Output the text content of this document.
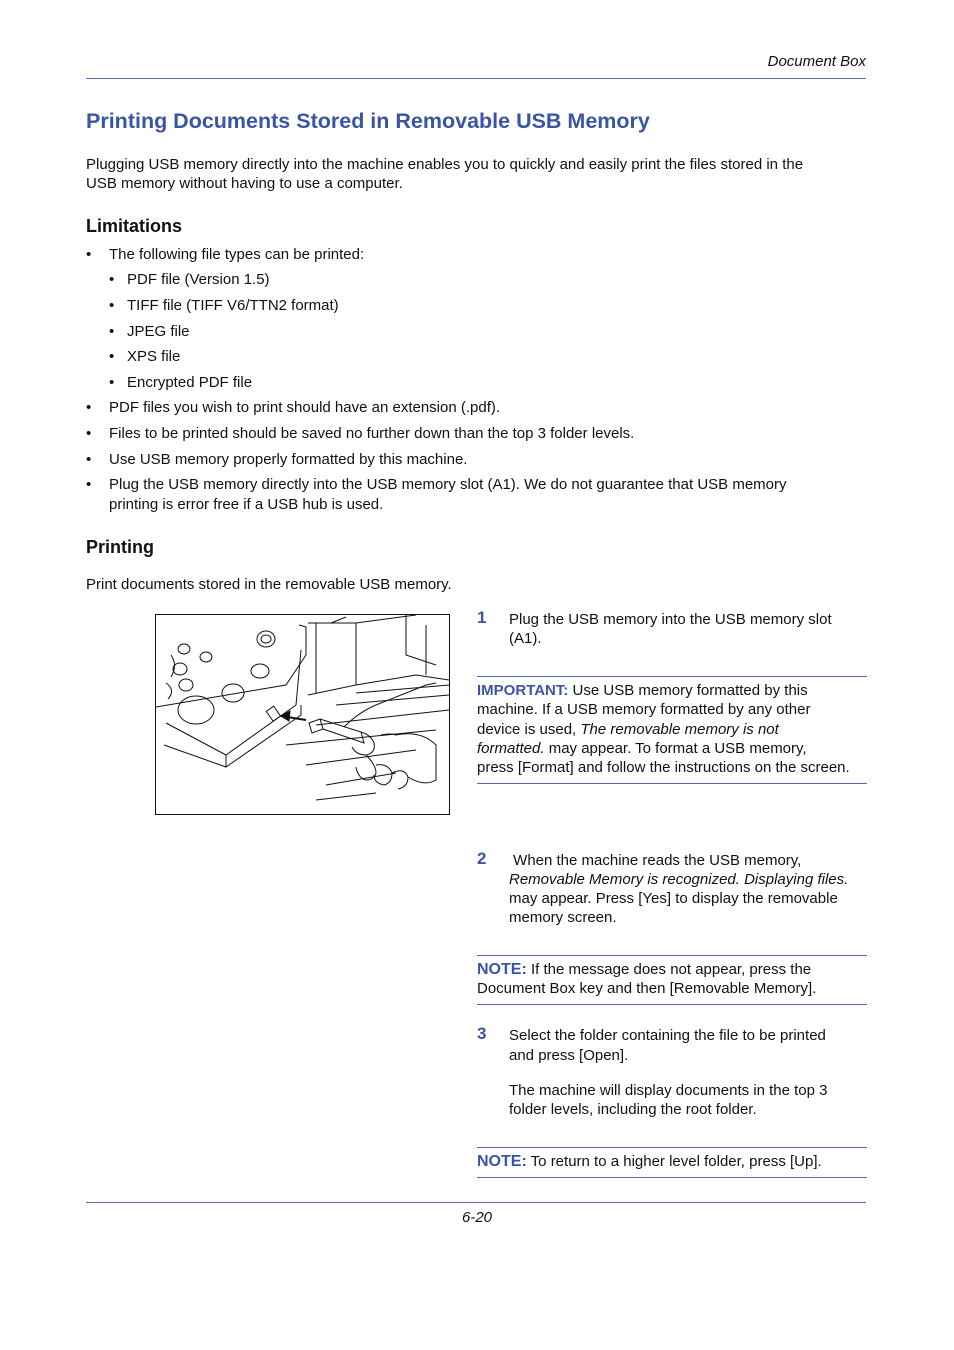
Document Box
Printing Documents Stored in Removable USB Memory
Plugging USB memory directly into the machine enables you to quickly and easily print the files stored in the
USB memory without having to use a computer.
Limitations
• The following file types can be printed:
• PDF file (Version 1.5)
• TIFF file (TIFF V6/TTN2 format)
• JPEG file
• XPS file
• Encrypted PDF file
• PDF files you wish to print should have an extension (.pdf).
• Files to be printed should be saved no further down than the top 3 folder levels.
• Use USB memory properly formatted by this machine.
• Plug the USB memory directly into the USB memory slot (A1). We do not guarantee that USB memory
printing is error free if a USB hub is used.
Printing
Print documents stored in the removable USB memory.
1 Plug the USB memory into the USB memory slot
(A1).
IMPORTANT: Use USB memory formatted by this
machine. If a USB memory formatted by any other
device is used, The removable memory is not
formatted. may appear. To format a USB memory,
press [Format] and follow the instructions on the screen.
2 When the machine reads the USB memory,
Removable Memory is recognized. Displaying files.
may appear. Press [Yes] to display the removable
memory screen.
NOTE: If the message does not appear, press the
Document Box key and then [Removable Memory].
3 Select the folder containing the file to be printed
and press [Open].
The machine will display documents in the top 3
folder levels, including the root folder.
NOTE: To return to a higher level folder, press [Up].
6-20
